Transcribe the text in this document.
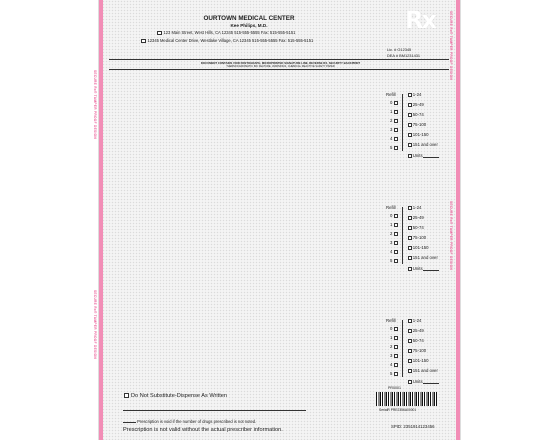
SECURE Rx® TAMPER PROOF DESIGN
SECURE Rx® TAMPER PROOF DESIGN
SECURE Rx® TAMPER PROOF DESIGN
SECURE Rx® TAMPER PROOF DESIGN
Rx
OURTOWN MEDICAL CENTER
Kee Philips, M.D.
123 Main Street, West Hills, CA 12345 515-555-5555 Fax: 515-555-5151
12345 Medical Center Drive, Westlake Village, CA 12345 515-555-5555 Fax: 515-555-5151
Lic. # G12345
DEA # BM1231431
DOCUMENT CONTAINS VOID PANTOGRAPH, MICROPRINTED SIGNATURE LINE, REVERSE RX, SECURITY BACKPRINT
THERMOCHROMATIC INK FEATURE, WARNINGS, CHEMICAL REACTIVE SAFETY PAPER
Refill
0
1
2
3
4
5
1-24
25-49
50-74
75-100
101-150
151 and over
Units
Refill
0
1
2
3
4
5
1-24
25-49
50-74
75-100
101-150
151 and over
Units
Refill
0
1
2
3
4
5
1-24
25-49
50-74
75-100
101-150
151 and over
Units
Do Not Substitute-Dispense As Written
Prescription is void if the number of drugs prescribed is not noted.
Prescription is not valid without the actual prescriber information.
PR0001
SerialR PRE2356A00001
SPID: 2351914123456
